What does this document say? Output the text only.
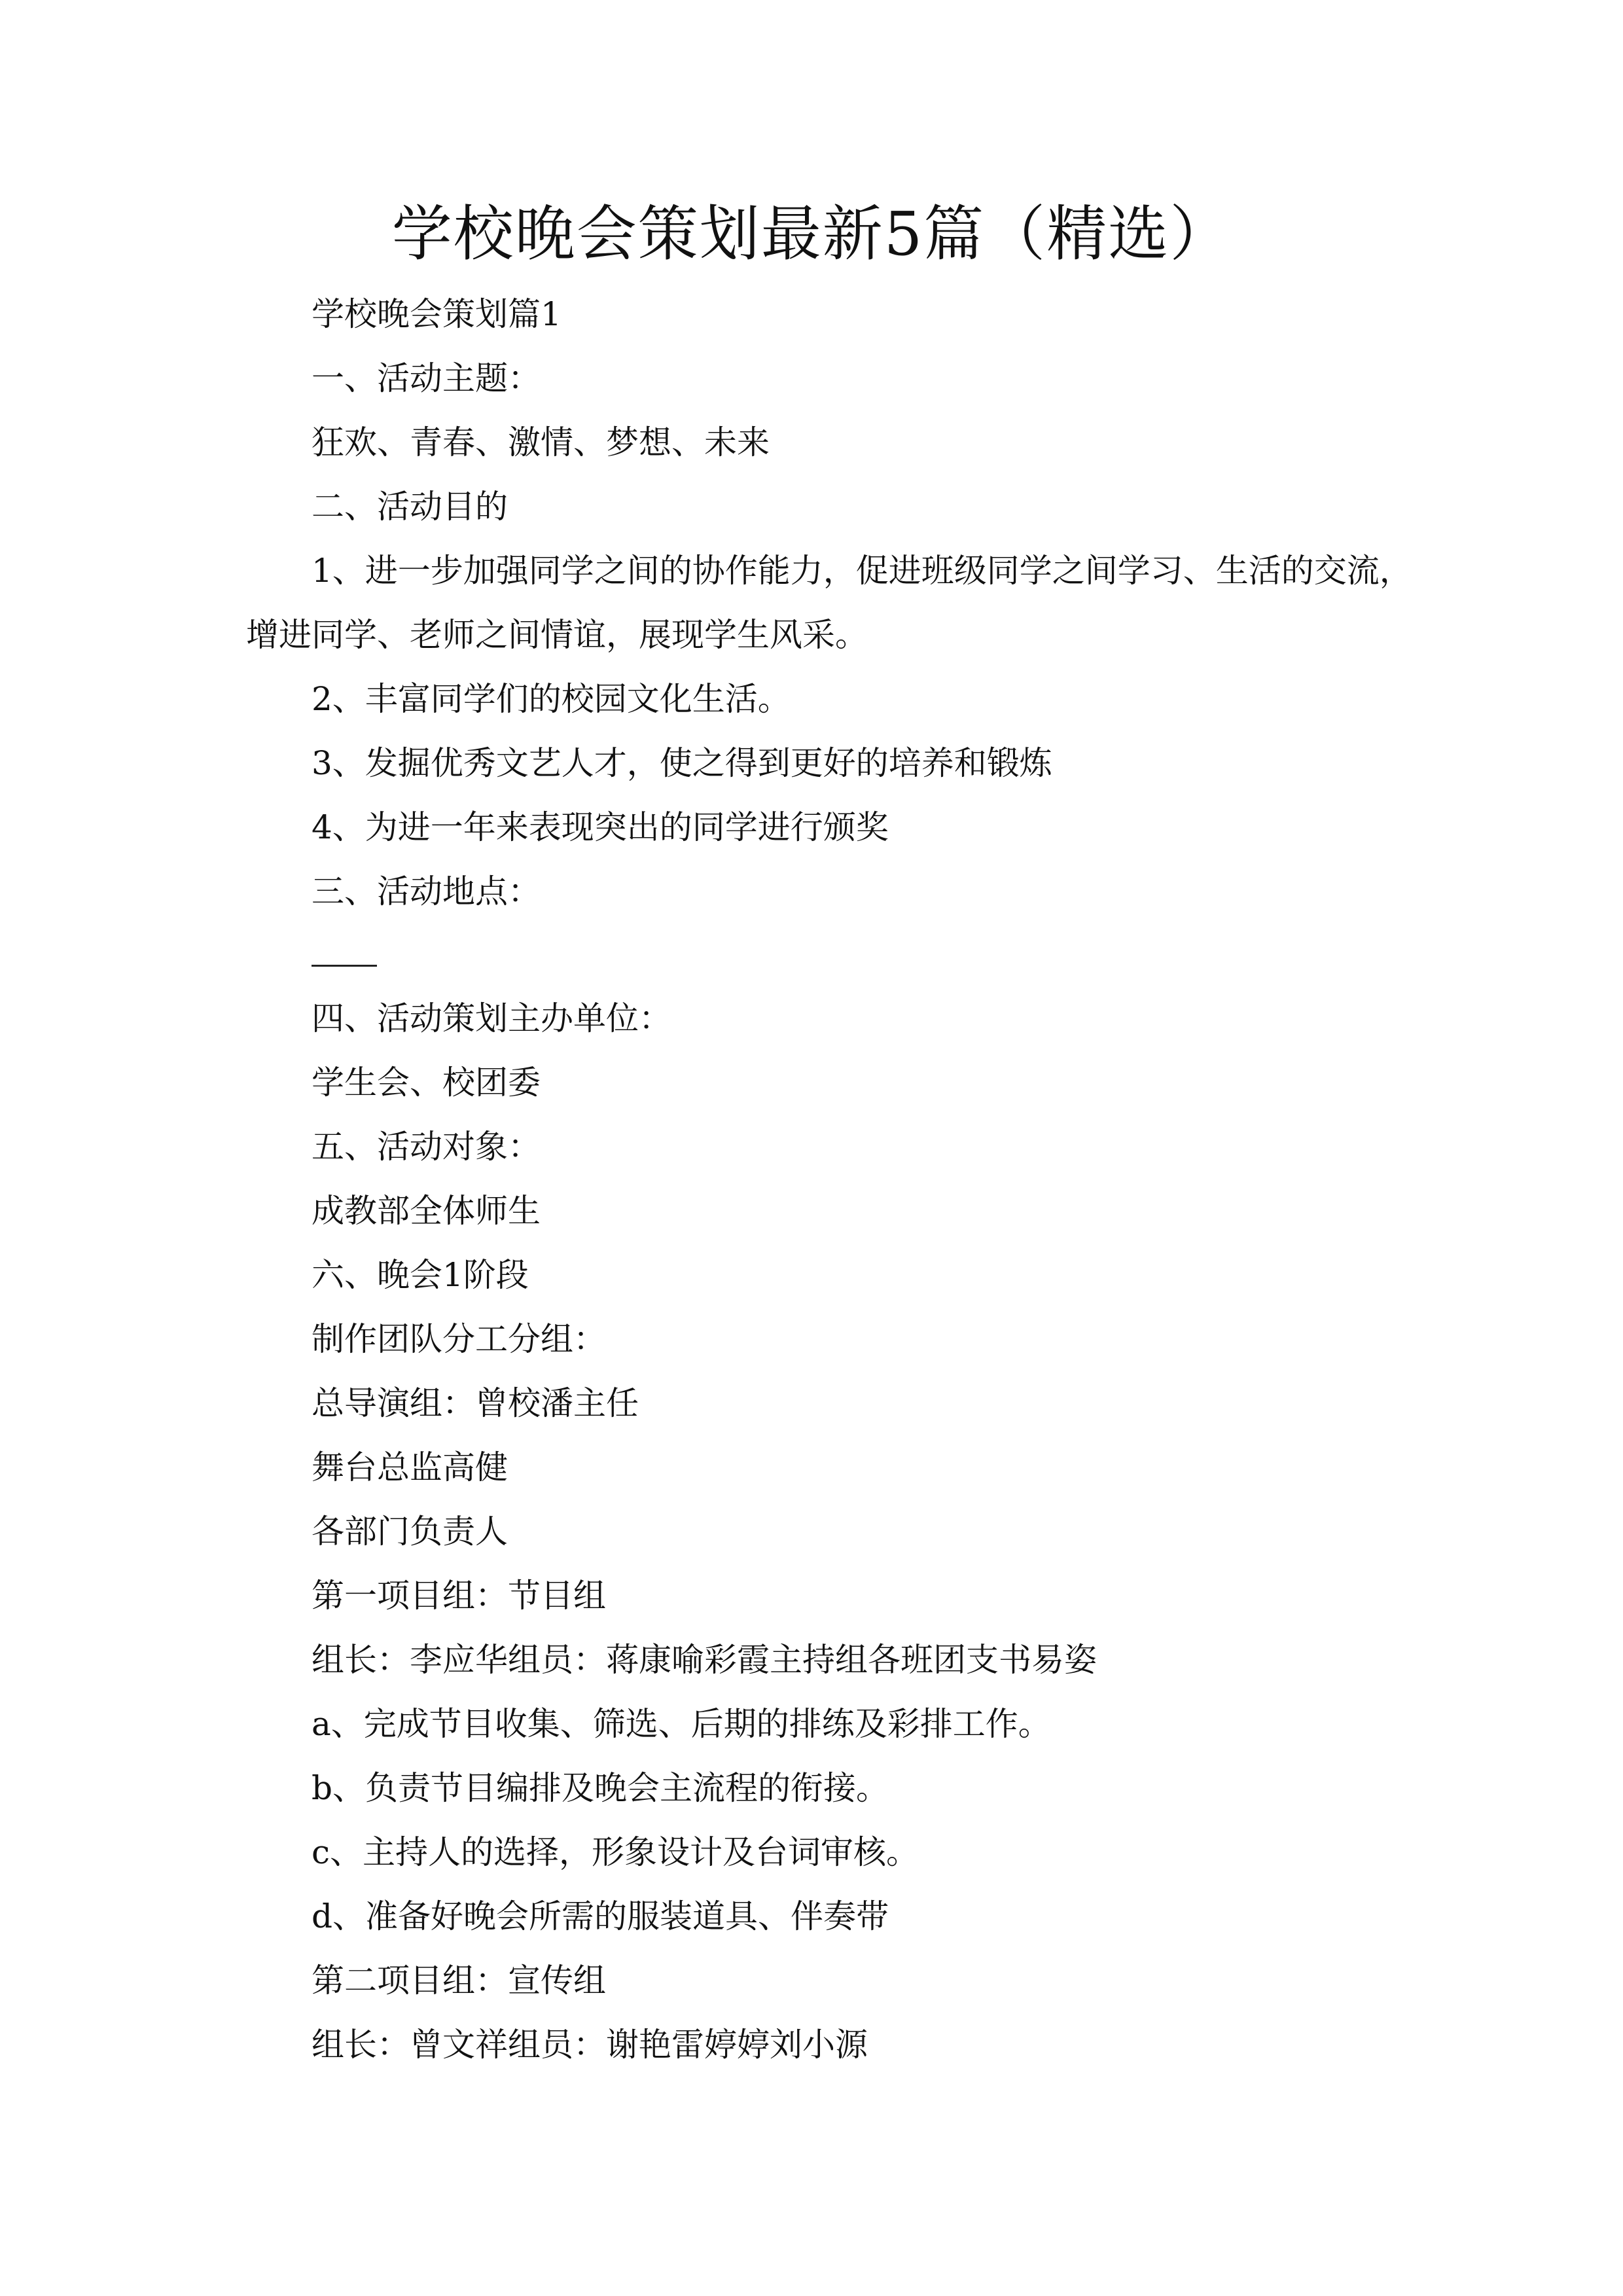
学校晚会策划最新5篇（精选）
学校晚会策划篇1
一、活动主题：
狂欢、青春、激情、梦想、未来
二、活动目的
1、进一步加强同学之间的协作能力，促进班级同学之间学习、生活的交流，
增进同学、老师之间情谊，展现学生风采。
2、丰富同学们的校园文化生活。
3、发掘优秀文艺人才，使之得到更好的培养和锻炼
4、为进一年来表现突出的同学进行颁奖
三、活动地点：
四、活动策划主办单位：
学生会、校团委
五、活动对象：
成教部全体师生
六、晚会1阶段
制作团队分工分组：
总导演组：曾校潘主任
舞台总监高健
各部门负责人
第一项目组：节目组
组长：李应华组员：蒋康喻彩霞主持组各班团支书易姿
a、完成节目收集、筛选、后期的排练及彩排工作。
b、负责节目编排及晚会主流程的衔接。
c、主持人的选择，形象设计及台词审核。
d、准备好晚会所需的服装道具、伴奏带
第二项目组：宣传组
组长：曾文祥组员：谢艳雷婷婷刘小源
